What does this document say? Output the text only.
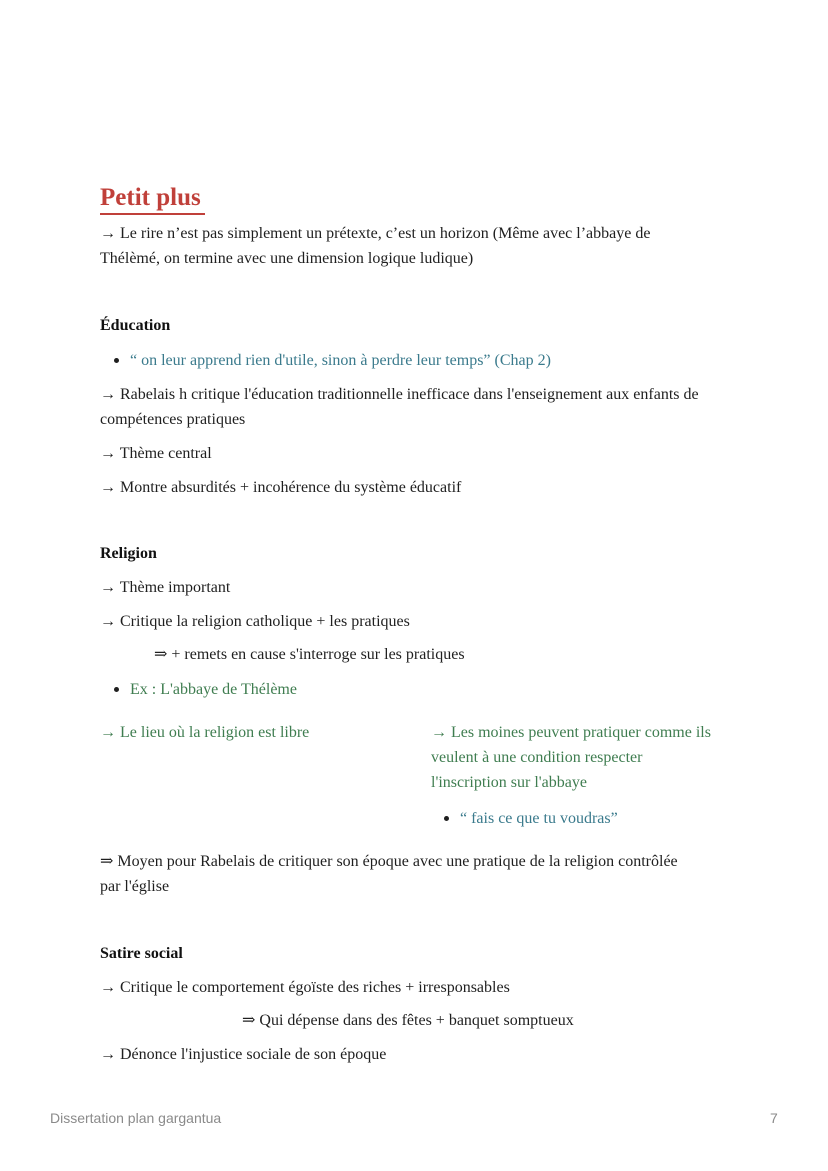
Petit plus
→ Le rire n’est pas simplement un prétexte, c’est un horizon (Même avec l’abbaye de
Thélèmé, on termine avec une dimension logique ludique)
Éducation
“ on leur apprend rien d'utile, sinon à perdre leur temps” (Chap 2)
→ Rabelais h critique l'éducation traditionnelle inefficace dans l'enseignement aux enfants de
compétences pratiques
→ Thème central
→ Montre absurdités + incohérence du système éducatif
Religion
→ Thème important
→ Critique la religion catholique + les pratiques
⇒ + remets en cause s'interroge sur les pratiques
Ex : L'abbaye de Thélème
→ Le lieu où la religion est libre	→ Les moines peuvent pratiquer comme ils
veulent à une condition respecter
l'inscription sur l'abbaye
“ fais ce que tu voudras”
⇒ Moyen pour Rabelais de critiquer son époque avec une pratique de la religion contrôlée
par l'église
Satire social
→ Critique le comportement égoïste des riches + irresponsables
⇒ Qui dépense dans des fêtes + banquet somptueux
→ Dénonce l'injustice sociale de son époque
Dissertation plan gargantua	7
